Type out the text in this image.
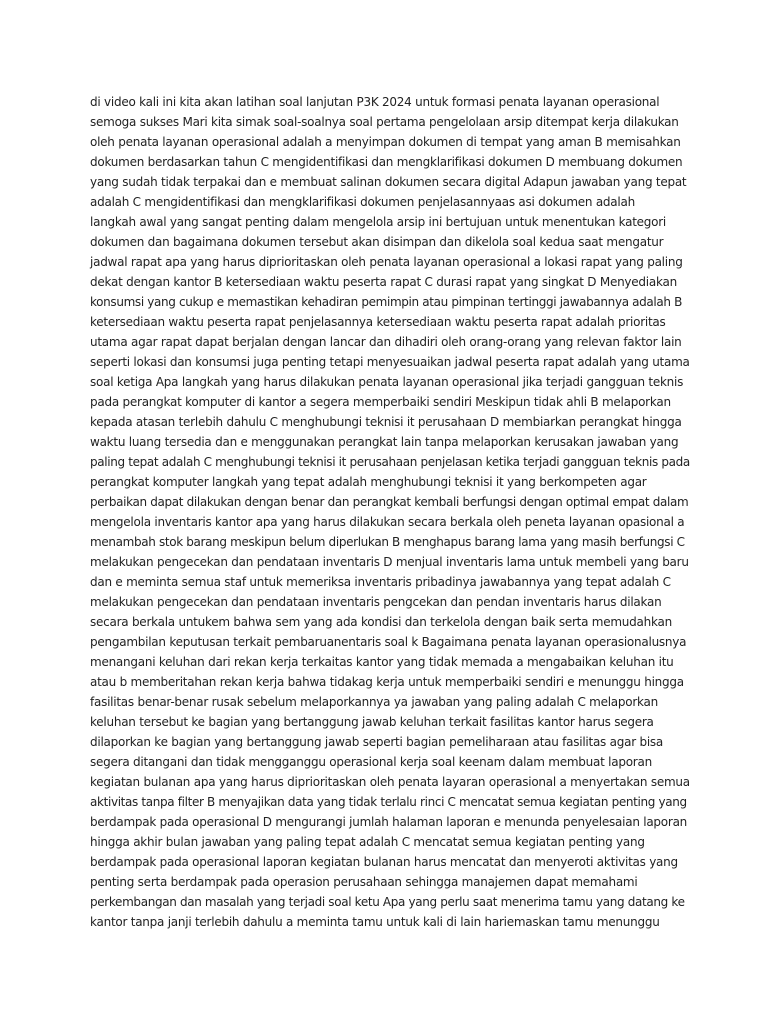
di video kali ini kita akan latihan soal lanjutan P3K 2024 untuk formasi penata layanan operasional
semoga sukses Mari kita simak soal-soalnya soal pertama pengelolaan arsip ditempat kerja dilakukan
oleh penata layanan operasional adalah a menyimpan dokumen di tempat yang aman B memisahkan
dokumen berdasarkan tahun C mengidentifikasi dan mengklarifikasi dokumen D membuang dokumen
yang sudah tidak terpakai dan e membuat salinan dokumen secara digital Adapun jawaban yang tepat
adalah C mengidentifikasi dan mengklarifikasi dokumen penjelasannyaas asi dokumen adalah
langkah awal yang sangat penting dalam mengelola arsip ini bertujuan untuk menentukan kategori
dokumen dan bagaimana dokumen tersebut akan disimpan dan dikelola soal kedua saat mengatur
jadwal rapat apa yang harus diprioritaskan oleh penata layanan operasional a lokasi rapat yang paling
dekat dengan kantor B ketersediaan waktu peserta rapat C durasi rapat yang singkat D Menyediakan
konsumsi yang cukup e memastikan kehadiran pemimpin atau pimpinan tertinggi jawabannya adalah B
ketersediaan waktu peserta rapat penjelasannya ketersediaan waktu peserta rapat adalah prioritas
utama agar rapat dapat berjalan dengan lancar dan dihadiri oleh orang-orang yang relevan faktor lain
seperti lokasi dan konsumsi juga penting tetapi menyesuaikan jadwal peserta rapat adalah yang utama
soal ketiga Apa langkah yang harus dilakukan penata layanan operasional jika terjadi gangguan teknis
pada perangkat komputer di kantor a segera memperbaiki sendiri Meskipun tidak ahli B melaporkan
kepada atasan terlebih dahulu C menghubungi teknisi it perusahaan D membiarkan perangkat hingga
waktu luang tersedia dan e menggunakan perangkat lain tanpa melaporkan kerusakan jawaban yang
paling tepat adalah C menghubungi teknisi it perusahaan penjelasan ketika terjadi gangguan teknis pada
perangkat komputer langkah yang tepat adalah menghubungi teknisi it yang berkompeten agar
perbaikan dapat dilakukan dengan benar dan perangkat kembali berfungsi dengan optimal empat dalam
mengelola inventaris kantor apa yang harus dilakukan secara berkala oleh peneta layanan opasional a
menambah stok barang meskipun belum diperlukan B menghapus barang lama yang masih berfungsi C
melakukan pengecekan dan pendataan inventaris D menjual inventaris lama untuk membeli yang baru
dan e meminta semua staf untuk memeriksa inventaris pribadinya jawabannya yang tepat adalah C
melakukan pengecekan dan pendataan inventaris pengcekan dan pendan inventaris harus dilakan
secara berkala untukem bahwa sem yang ada kondisi dan terkelola dengan baik serta memudahkan
pengambilan keputusan terkait pembaruanentaris soal k Bagaimana penata layanan operasionalusnya
menangani keluhan dari rekan kerja terkaitas kantor yang tidak memada a mengabaikan keluhan itu
atau b memberitahan rekan kerja bahwa tidakag kerja untuk memperbaiki sendiri e menunggu hingga
fasilitas benar-benar rusak sebelum melaporkannya ya jawaban yang paling adalah C melaporkan
keluhan tersebut ke bagian yang bertanggung jawab keluhan terkait fasilitas kantor harus segera
dilaporkan ke bagian yang bertanggung jawab seperti bagian pemeliharaan atau fasilitas agar bisa
segera ditangani dan tidak mengganggu operasional kerja soal keenam dalam membuat laporan
kegiatan bulanan apa yang harus diprioritaskan oleh penata layaran operasional a menyertakan semua
aktivitas tanpa filter B menyajikan data yang tidak terlalu rinci C mencatat semua kegiatan penting yang
berdampak pada operasional D mengurangi jumlah halaman laporan e menunda penyelesaian laporan
hingga akhir bulan jawaban yang paling tepat adalah C mencatat semua kegiatan penting yang
berdampak pada operasional laporan kegiatan bulanan harus mencatat dan menyeroti aktivitas yang
penting serta berdampak pada operasion perusahaan sehingga manajemen dapat memahami
perkembangan dan masalah yang terjadi soal ketu Apa yang perlu saat menerima tamu yang datang ke
kantor tanpa janji terlebih dahulu a meminta tamu untuk kali di lain hariemaskan tamu menunggu
